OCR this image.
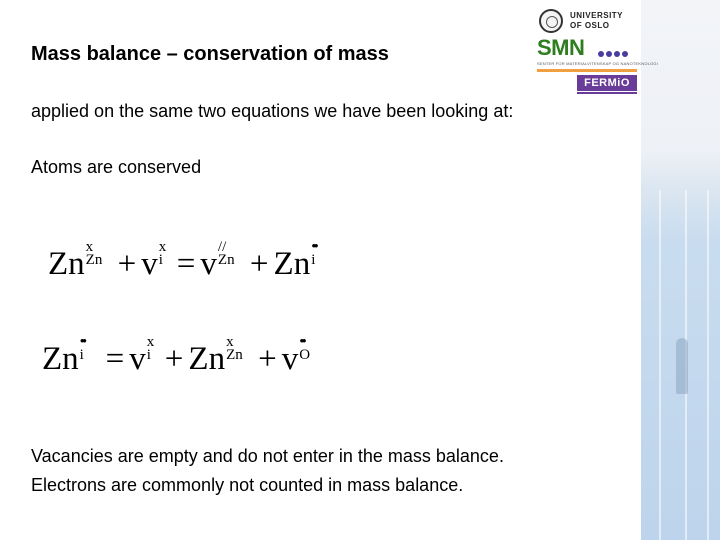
UNIVERSITY
OF OSLO
SMN
SENTER FOR MATERIALVITENSKAP OG NANOTEKNOLOGI
FERMiO
Mass balance – conservation of mass
applied on the same two equations we have been looking at:
Atoms are conserved
Zn x
Zn + v x
i = v //
Zn + Zn ••
i
Zn ••
i = v x
i + Zn x
Zn + v ••
O
Vacancies are empty and do not enter in the mass balance.
Electrons are commonly not counted in mass balance.
